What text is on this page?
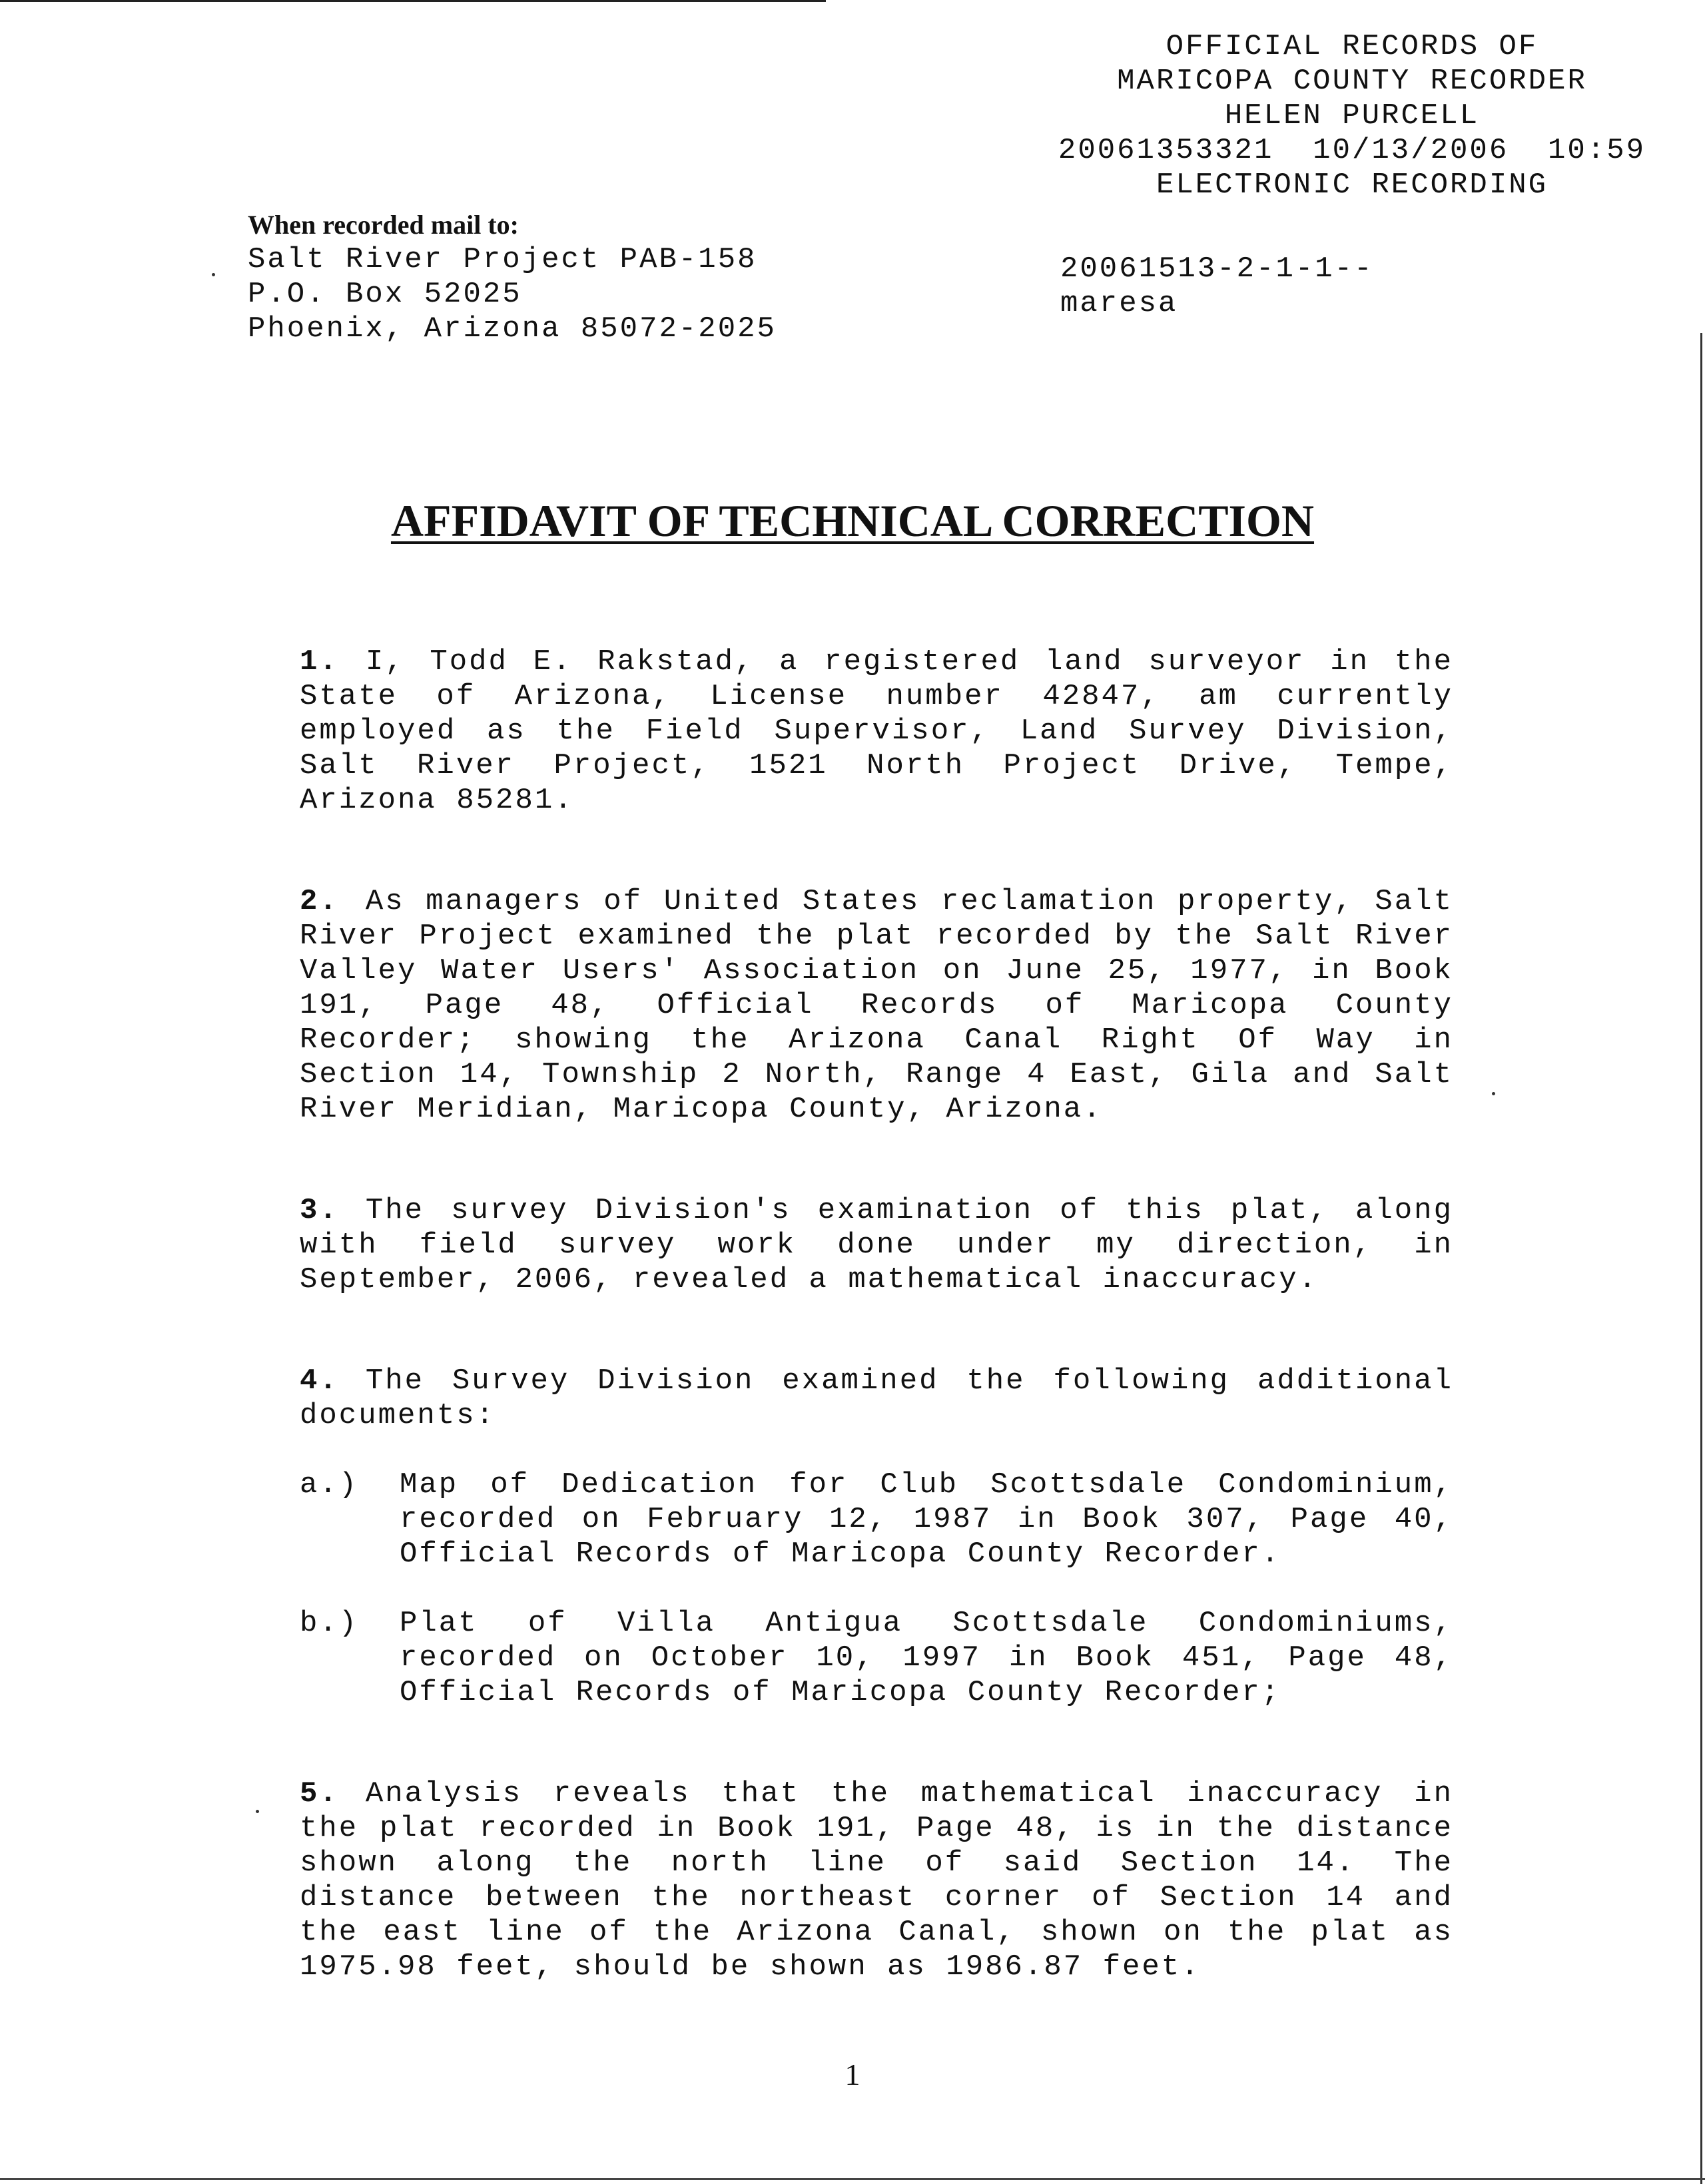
OFFICIAL RECORDS OF
MARICOPA COUNTY RECORDER
HELEN PURCELL
20061353321  10/13/2006  10:59
ELECTRONIC RECORDING
20061513-2-1-1--
maresa
When recorded mail to:
Salt River Project PAB-158
P.O. Box 52025
Phoenix, Arizona 85072-2025
AFFIDAVIT OF TECHNICAL CORRECTION

1. I, Todd E. Rakstad, a registered land surveyor in the State of Arizona, License number 42847, am currently employed as the Field Supervisor, Land Survey Division, Salt River Project, 1521 North Project Drive, Tempe, Arizona 85281.

2. As managers of United States reclamation property, Salt River Project examined the plat recorded by the Salt River Valley Water Users' Association on June 25, 1977, in Book 191, Page 48, Official Records of Maricopa County Recorder; showing the Arizona Canal Right Of Way in Section 14, Township 2 North, Range 4 East, Gila and Salt River Meridian, Maricopa County, Arizona.

3. The survey Division's examination of this plat, along with field survey work done under my direction, in September, 2006, revealed a mathematical inaccuracy.

4. The Survey Division examined the following additional documents:

a.)	Map of Dedication for Club Scottsdale Condominium, recorded on February 12, 1987 in Book 307, Page 40, Official Records of Maricopa County Recorder.
b.)	Plat of Villa Antigua Scottsdale Condominiums, recorded on October 10, 1997 in Book 451, Page 48, Official Records of Maricopa County Recorder;

5. Analysis reveals that the mathematical inaccuracy in the plat recorded in Book 191, Page 48, is in the distance shown along the north line of said Section 14. The distance between the northeast corner of Section 14 and the east line of the Arizona Canal, shown on the plat as 1975.98 feet, should be shown as 1986.87 feet.

1
